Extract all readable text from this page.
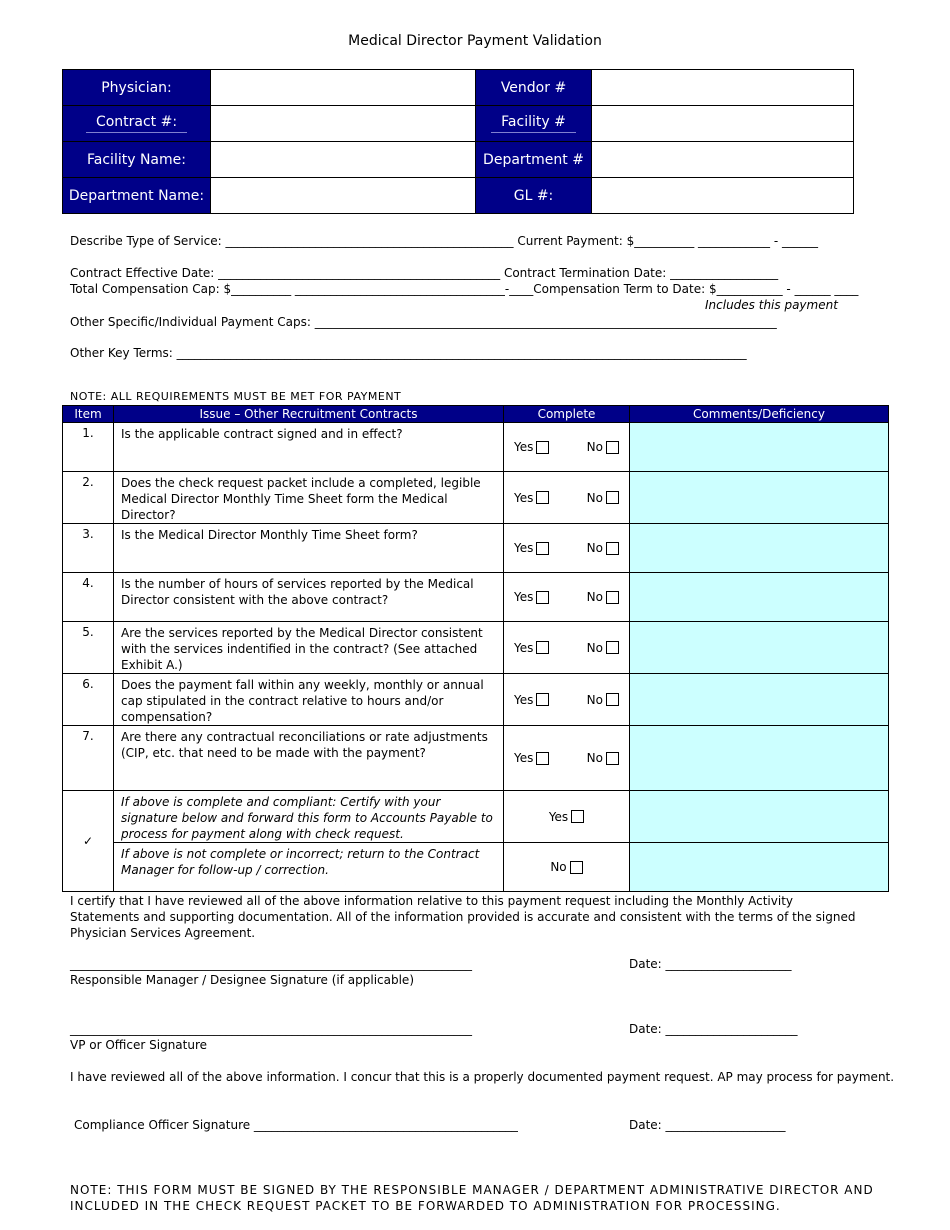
Medical Director Payment Validation
Physician:		Vendor #	
Contract #:		Facility #	
Facility Name:		Department #	
Department Name:		GL #:	
Describe Type of Service: ________________________________________________ Current Payment: $__________ ____________ - ______
Contract Effective Date: _______________________________________________ Contract Termination Date: __________________
Total Compensation Cap: $__________ ___________________________________-____Compensation Term to Date: $___________ - ______ ____
Includes this payment
Other Specific/Individual Payment Caps: _____________________________________________________________________________
Other Key Terms: _______________________________________________________________________________________________
NOTE: ALL REQUIREMENTS MUST BE MET FOR PAYMENT
Item	Issue – Other Recruitment Contracts	Complete	Comments/Deficiency
1.	Is the applicable contract signed and in effect?	Yes No	

2.	Does the check request packet include a completed, legible Medical Director Monthly Time Sheet form the Medical Director?	Yes No	

3.	Is the Medical Director Monthly Time Sheet form?	Yes No	

4.	Is the number of hours of services reported by the Medical Director consistent with the above contract?	Yes No	

5.	Are the services reported by the Medical Director consistent with the services indentified in the contract? (See attached Exhibit A.)	Yes No	

6.	Does the payment fall within any weekly, monthly or annual cap stipulated in the contract relative to hours and/or compensation?	Yes No	

7.	Are there any contractual reconciliations or rate adjustments (CIP, etc. that need to be made with the payment?	Yes No	

✓	If above is complete and compliant: Certify with your signature below and forward this form to Accounts Payable to process for payment along with check request.	Yes	

	If above is not complete or incorrect; return to the Contract Manager for follow-up / correction.	No	

I certify that I have reviewed all of the above information relative to this payment request including the Monthly Activity Statements and supporting documentation. All of the information provided is accurate and consistent with the terms of the signed Physician Services Agreement.
___________________________________________________________________
Responsible Manager / Designee Signature (if applicable)
Date: _____________________
___________________________________________________________________
VP or Officer Signature
Date: ______________________
I have reviewed all of the above information. I concur that this is a properly documented payment request. AP may process for payment.
Compliance Officer Signature ____________________________________________	Date: ____________________
NOTE: THIS FORM MUST BE SIGNED BY THE RESPONSIBLE MANAGER / DEPARTMENT ADMINISTRATIVE DIRECTOR AND INCLUDED IN THE CHECK REQUEST PACKET TO BE FORWARDED TO ADMINISTRATION FOR PROCESSING.
